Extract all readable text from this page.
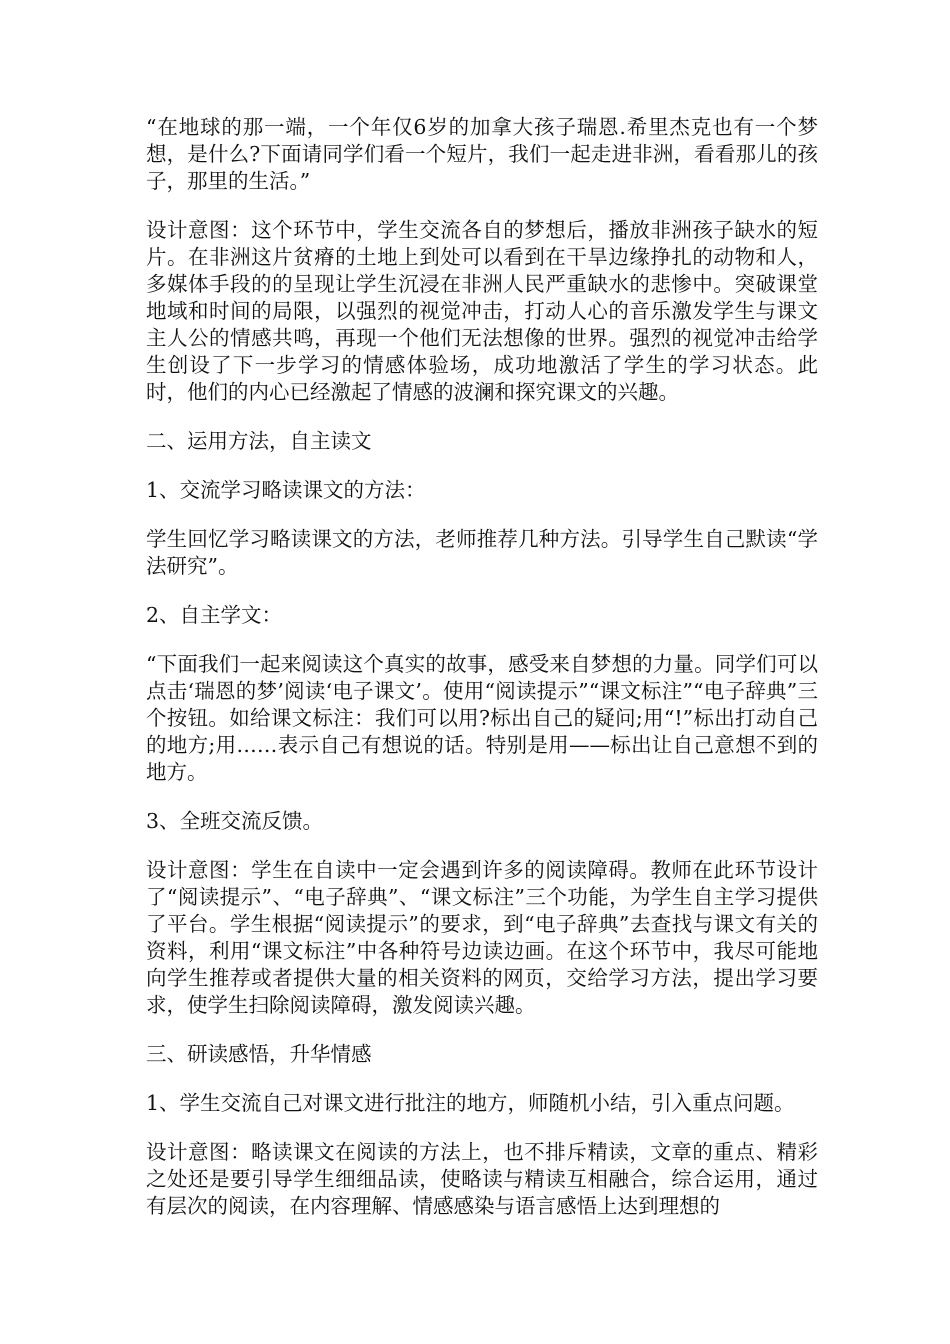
“在地球的那一端，一个年仅6岁的加拿大孩子瑞恩.希里杰克也有一个梦想，是什么?下面请同学们看一个短片，我们一起走进非洲，看看那儿的孩子，那里的生活。”

设计意图：这个环节中，学生交流各自的梦想后，播放非洲孩子缺水的短片。在非洲这片贫瘠的土地上到处可以看到在干旱边缘挣扎的动物和人，多媒体手段的的呈现让学生沉浸在非洲人民严重缺水的悲惨中。突破课堂地域和时间的局限，以强烈的视觉冲击，打动人心的音乐激发学生与课文主人公的情感共鸣，再现一个他们无法想像的世界。强烈的视觉冲击给学生创设了下一步学习的情感体验场，成功地激活了学生的学习状态。此时，他们的内心已经激起了情感的波澜和探究课文的兴趣。

二、运用方法，自主读文

1、交流学习略读课文的方法：

学生回忆学习略读课文的方法，老师推荐几种方法。引导学生自己默读“学法研究”。

2、自主学文：

“下面我们一起来阅读这个真实的故事，感受来自梦想的力量。同学们可以点击‘瑞恩的梦’阅读‘电子课文’。使用“阅读提示”“课文标注”“电子辞典”三个按钮。如给课文标注：我们可以用?标出自己的疑问;用“!”标出打动自己的地方;用……表示自己有想说的话。特别是用——标出让自己意想不到的地方。

3、全班交流反馈。

设计意图：学生在自读中一定会遇到许多的阅读障碍。教师在此环节设计了“阅读提示”、“电子辞典”、“课文标注”三个功能，为学生自主学习提供了平台。学生根据“阅读提示”的要求，到“电子辞典”去查找与课文有关的资料，利用“课文标注”中各种符号边读边画。在这个环节中，我尽可能地向学生推荐或者提供大量的相关资料的网页，交给学习方法，提出学习要求，使学生扫除阅读障碍，激发阅读兴趣。

三、研读感悟，升华情感

1、学生交流自己对课文进行批注的地方，师随机小结，引入重点问题。

设计意图：略读课文在阅读的方法上，也不排斥精读，文章的重点、精彩之处还是要引导学生细细品读，使略读与精读互相融合，综合运用，通过有层次的阅读，在内容理解、情感感染与语言感悟上达到理想的
